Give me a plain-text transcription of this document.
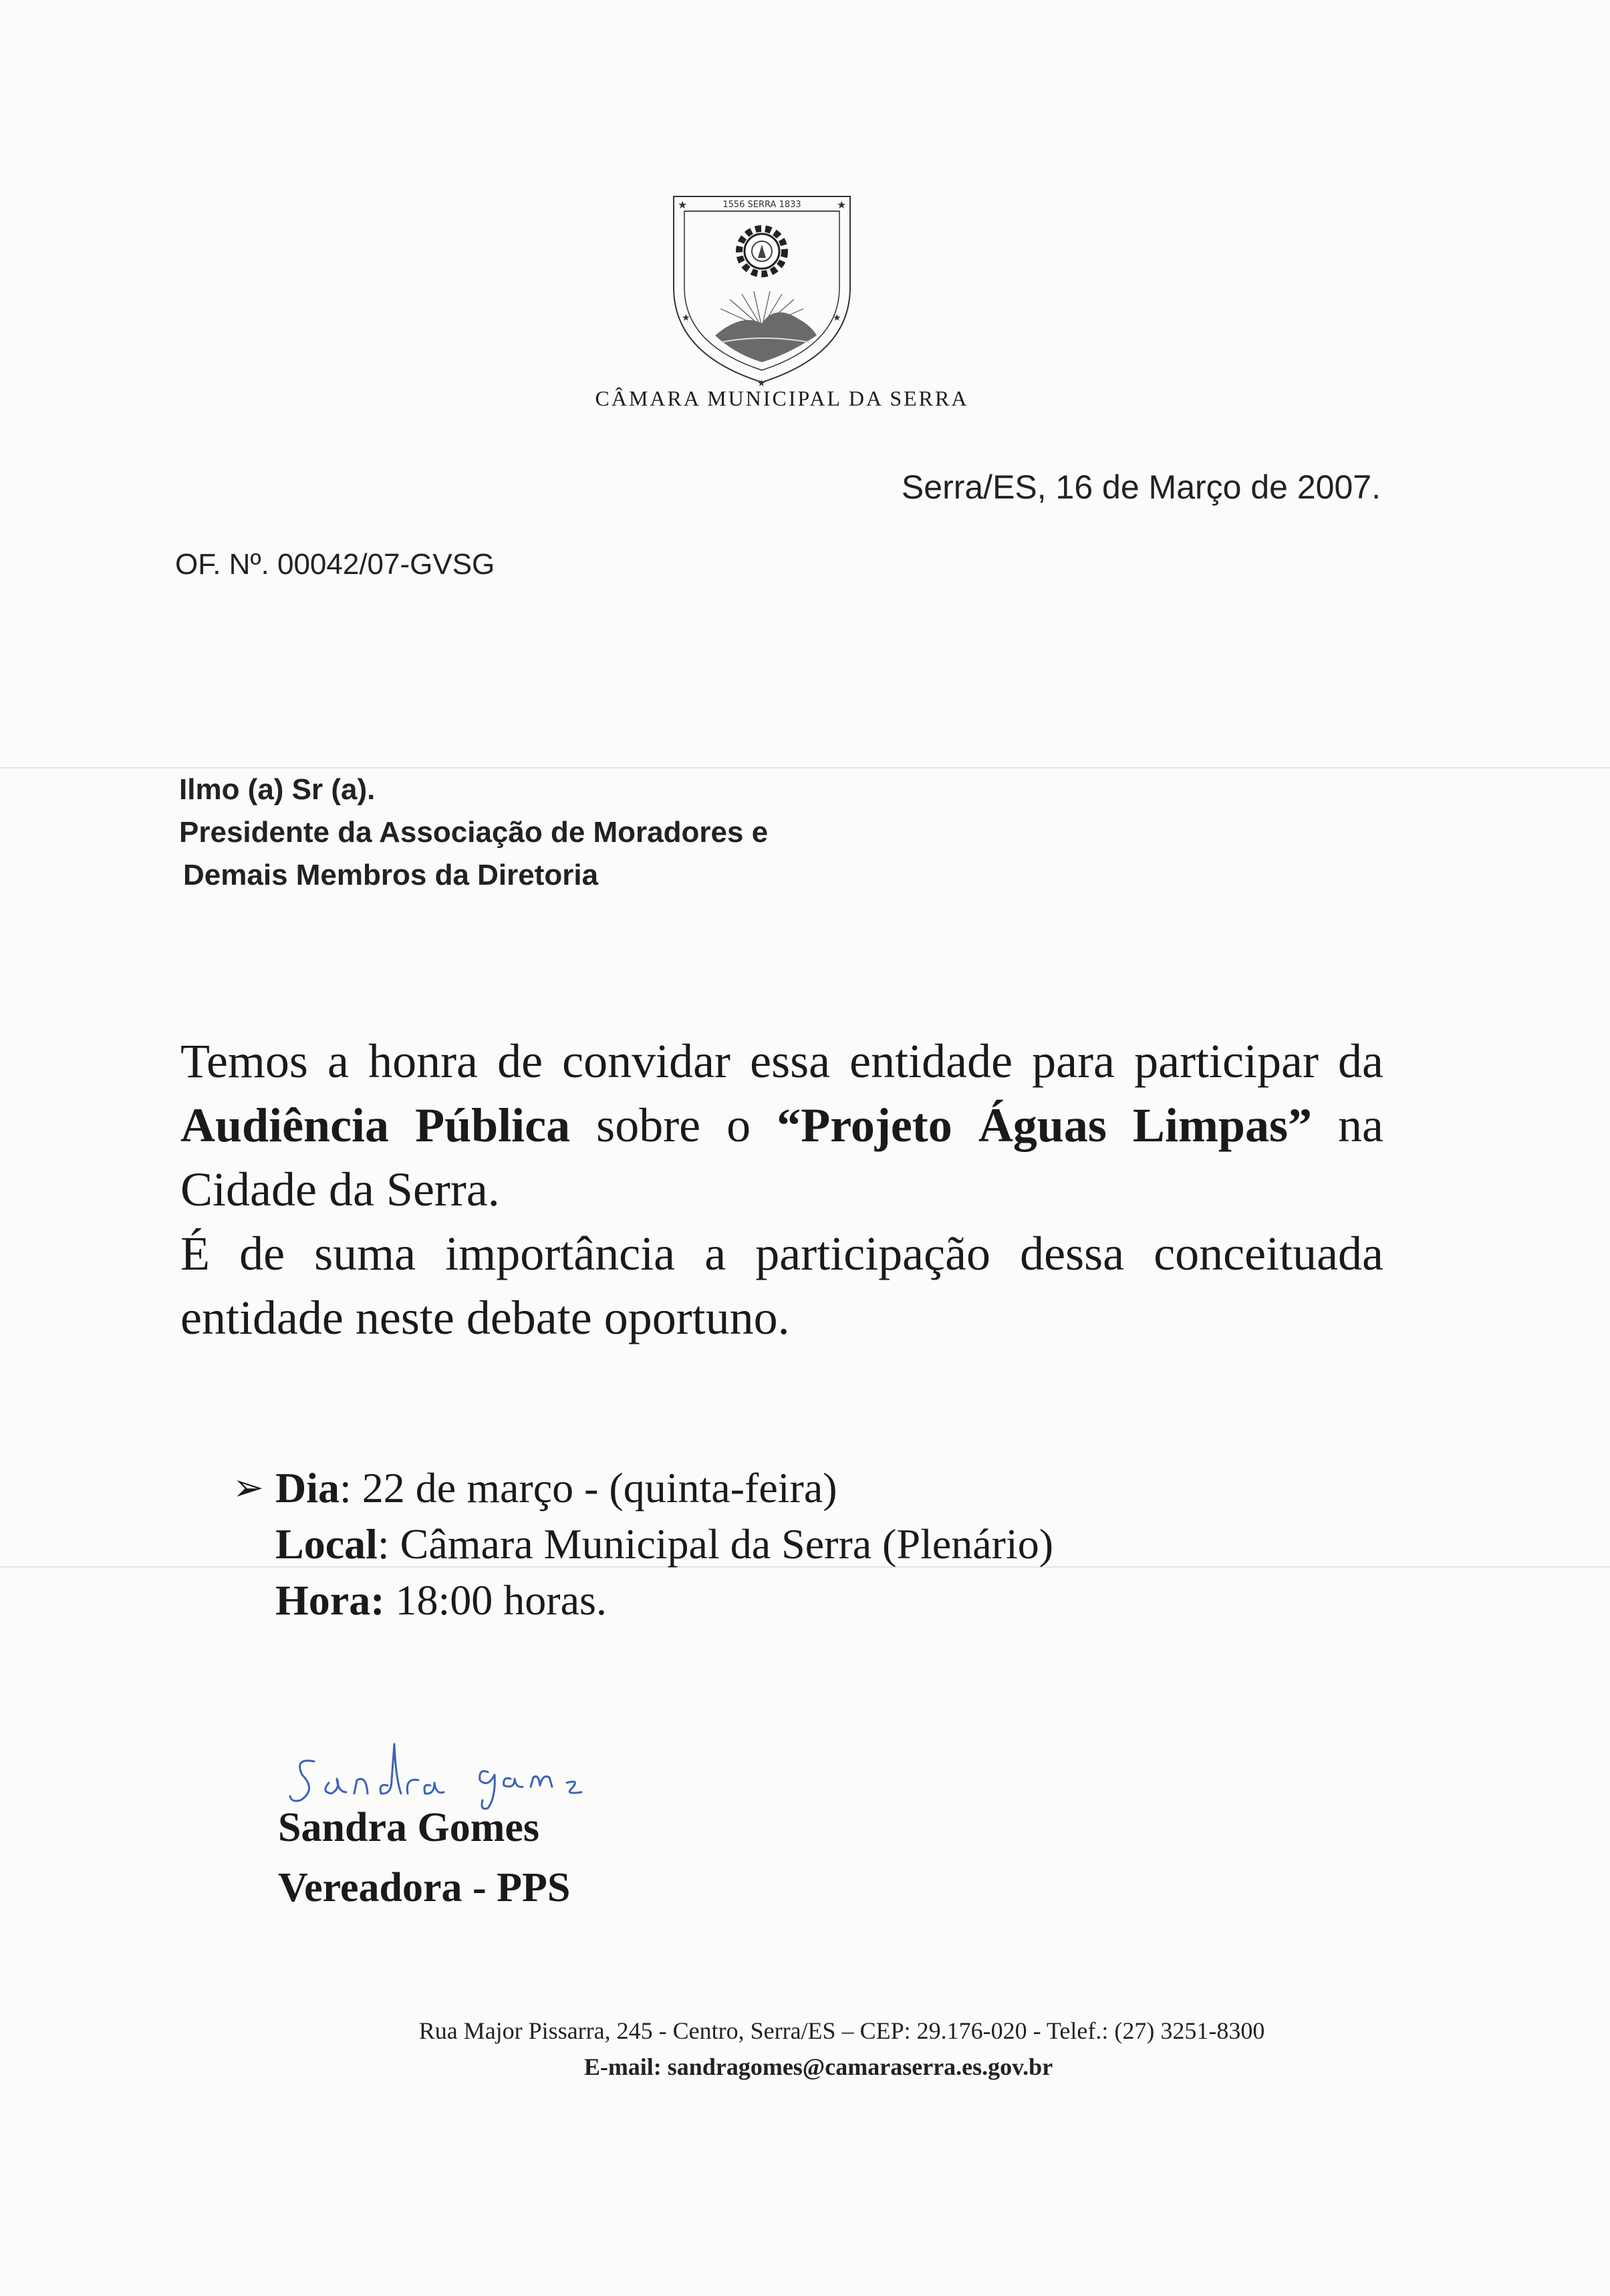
1556 SERRA 1833
★	★
★	★
★
CÂMARA MUNICIPAL DA SERRA
Serra/ES, 16 de Março de 2007.
OF. Nº. 00042/07-GVSG
Ilmo (a) Sr (a).
Presidente da Associação de Moradores e
Demais Membros da Diretoria

Temos a honra de convidar essa entidade para participar da Audiência Pública sobre o “Projeto Águas Limpas” na Cidade da Serra.

É de suma importância a participação dessa conceituada entidade neste debate oportuno.

➢ Dia: 22 de março - (quinta-feira)
Local: Câmara Municipal da Serra (Plenário)
Hora: 18:00 horas.
Sandra Gomes
Vereadora - PPS
Rua Major Pissarra, 245 - Centro, Serra/ES – CEP: 29.176-020 - Telef.: (27) 3251-8300
E-mail: sandragomes@camaraserra.es.gov.br
